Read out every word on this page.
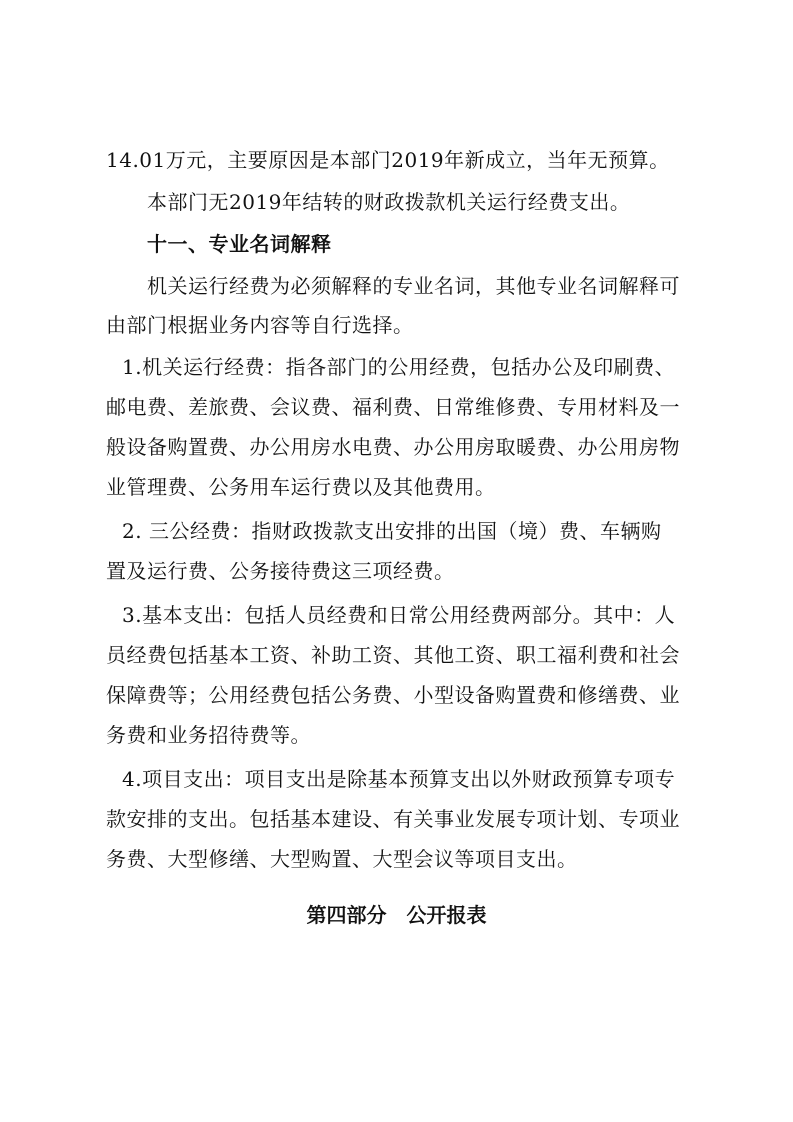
14.01万元，主要原因是本部门2019年新成立，当年无预算。
本部门无2019年结转的财政拨款机关运行经费支出。
十一、专业名词解释
机关运行经费为必须解释的专业名词，其他专业名词解释可
由部门根据业务内容等自行选择。
1.机关运行经费：指各部门的公用经费，包括办公及印刷费、
邮电费、差旅费、会议费、福利费、日常维修费、专用材料及一
般设备购置费、办公用房水电费、办公用房取暖费、办公用房物
业管理费、公务用车运行费以及其他费用。
2. 三公经费：指财政拨款支出安排的出国（境）费、车辆购
置及运行费、公务接待费这三项经费。
3.基本支出：包括人员经费和日常公用经费两部分。其中：人
员经费包括基本工资、补助工资、其他工资、职工福利费和社会
保障费等；公用经费包括公务费、小型设备购置费和修缮费、业
务费和业务招待费等。
4.项目支出：项目支出是除基本预算支出以外财政预算专项专
款安排的支出。包括基本建设、有关事业发展专项计划、专项业
务费、大型修缮、大型购置、大型会议等项目支出。
第四部分　公开报表
